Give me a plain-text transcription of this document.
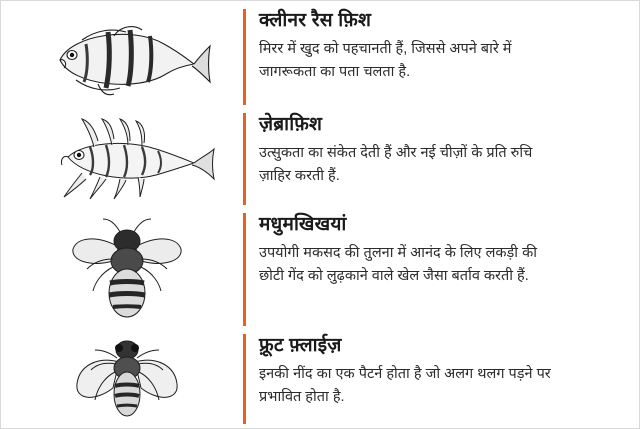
क्लीनर रैस फ़िश

मिरर में खुद को पहचानती हैं, जिससे अपने बारे में जागरूकता का पता चलता है.

ज़ेब्राफ़िश

उत्सुकता का संकेत देती हैं और नई चीज़ों के प्रति रुचि ज़ाहिर करती हैं.

मधुमखिखयां

उपयोगी मकसद की तुलना में आनंद के लिए लकड़ी की छोटी गेंद को लुढ़काने वाले खेल जैसा बर्ताव करती हैं.

फ़्रूट फ़्लाईज़

इनकी नींद का एक पैटर्न होता है जो अलग थलग पड़ने पर प्रभावित होता है.
